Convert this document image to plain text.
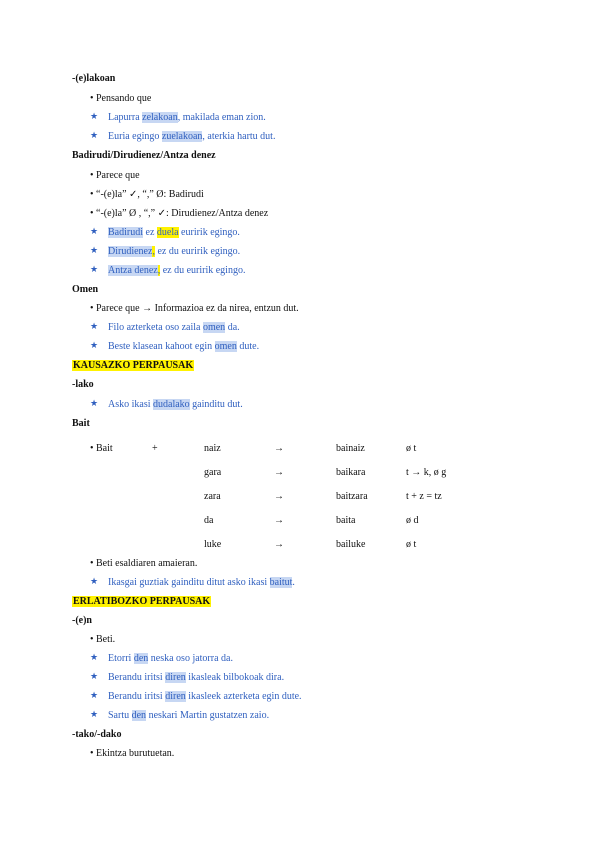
-(e)lakoan
• Pensando que
★ Lapurra zelakoan, makilada eman zion.
★ Euria egingo zuelakoan, aterkia hartu dut.
Badirudi/Dirudienez/Antza denez
• Parece que
• “-(e)la” ✓, “,” Ø: Badirudi
• “-(e)la” Ø , “,” ✓: Dirudienez/Antza denez
★ Badirudi ez duela euririk egingo.
★ Dirudienez, ez du euririk egingo.
★ Antza denez, ez du euririk egingo.
Omen
• Parece que → Informazioa ez da nirea, entzun dut.
★ Filo azterketa oso zaila omen da.
★ Beste klasean kahoot egin omen dute.
KAUSAZKO PERPAUSAK
-lako
★ Asko ikasi dudalako gainditu dut.
Bait
• Bait	+	naiz	→	bainaiz	ø t
gara	→	baikara	t → k, ø g
zara	→	baitzara	t + z = tz
da	→	baita	ø d
luke	→	bailuke	ø t
• Beti esaldiaren amaieran.
★ Ikasgai guztiak gainditu ditut asko ikasi baitut.
ERLATIBOZKO PERPAUSAK
-(e)n
• Beti.
★ Etorri den neska oso jatorra da.
★ Berandu iritsi diren ikasleak bilbokoak dira.
★ Berandu iritsi diren ikasleek azterketa egin dute.
★ Sartu den neskari Martin gustatzen zaio.
-tako/-dako
• Ekintza burutuetan.
